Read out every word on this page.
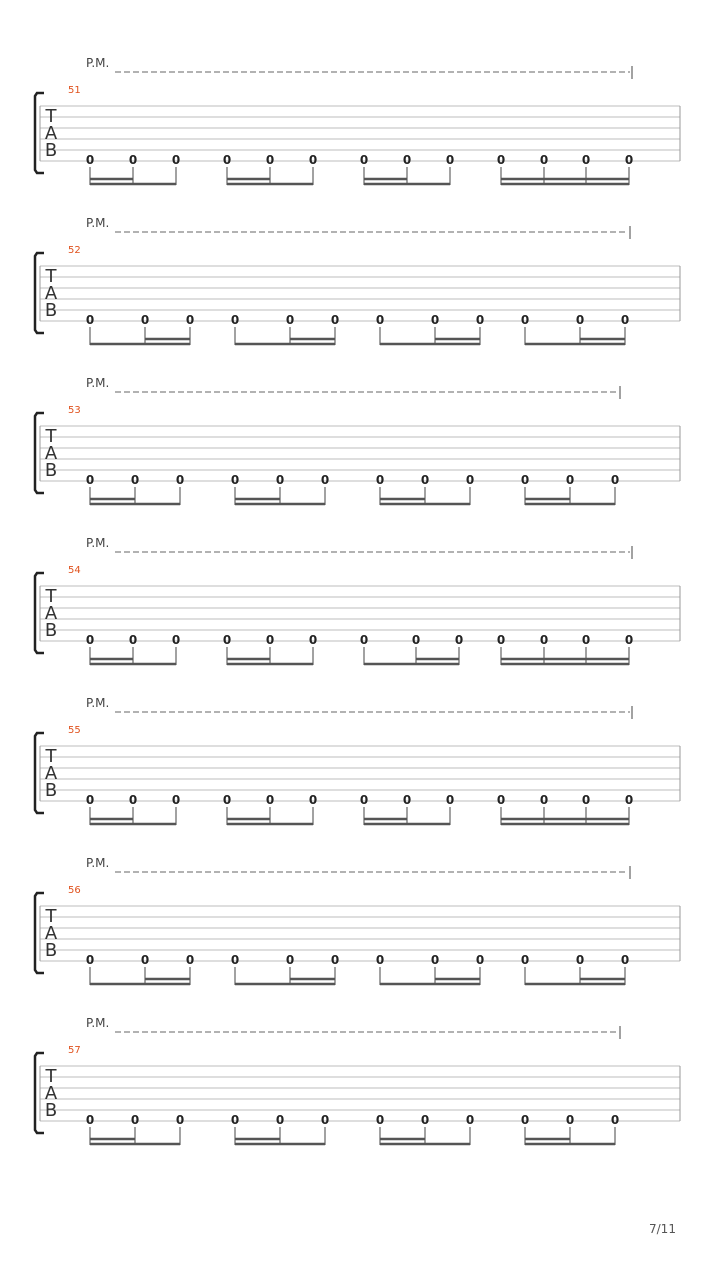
P.M.
51
T
A
B 0	0	0	0	0	0	0	0	0	0	0	0	0
P.M.
52
T
A
B 0	0	0	0	0	0	0	0	0	0	0	0
P.M.
53
T
A
B 0	0	0	0	0	0	0	0	0	0	0	0
P.M.
54
T
A
B 0	0	0	0	0	0	0	0	0	0	0	0	0
P.M.
55
T
A
B 0	0	0	0	0	0	0	0	0	0	0	0	0
P.M.
56
T
A
B 0	0	0	0	0	0	0	0	0	0	0	0
P.M.
57
T
A
B 0	0	0	0	0	0	0	0	0	0	0	0
7/11
